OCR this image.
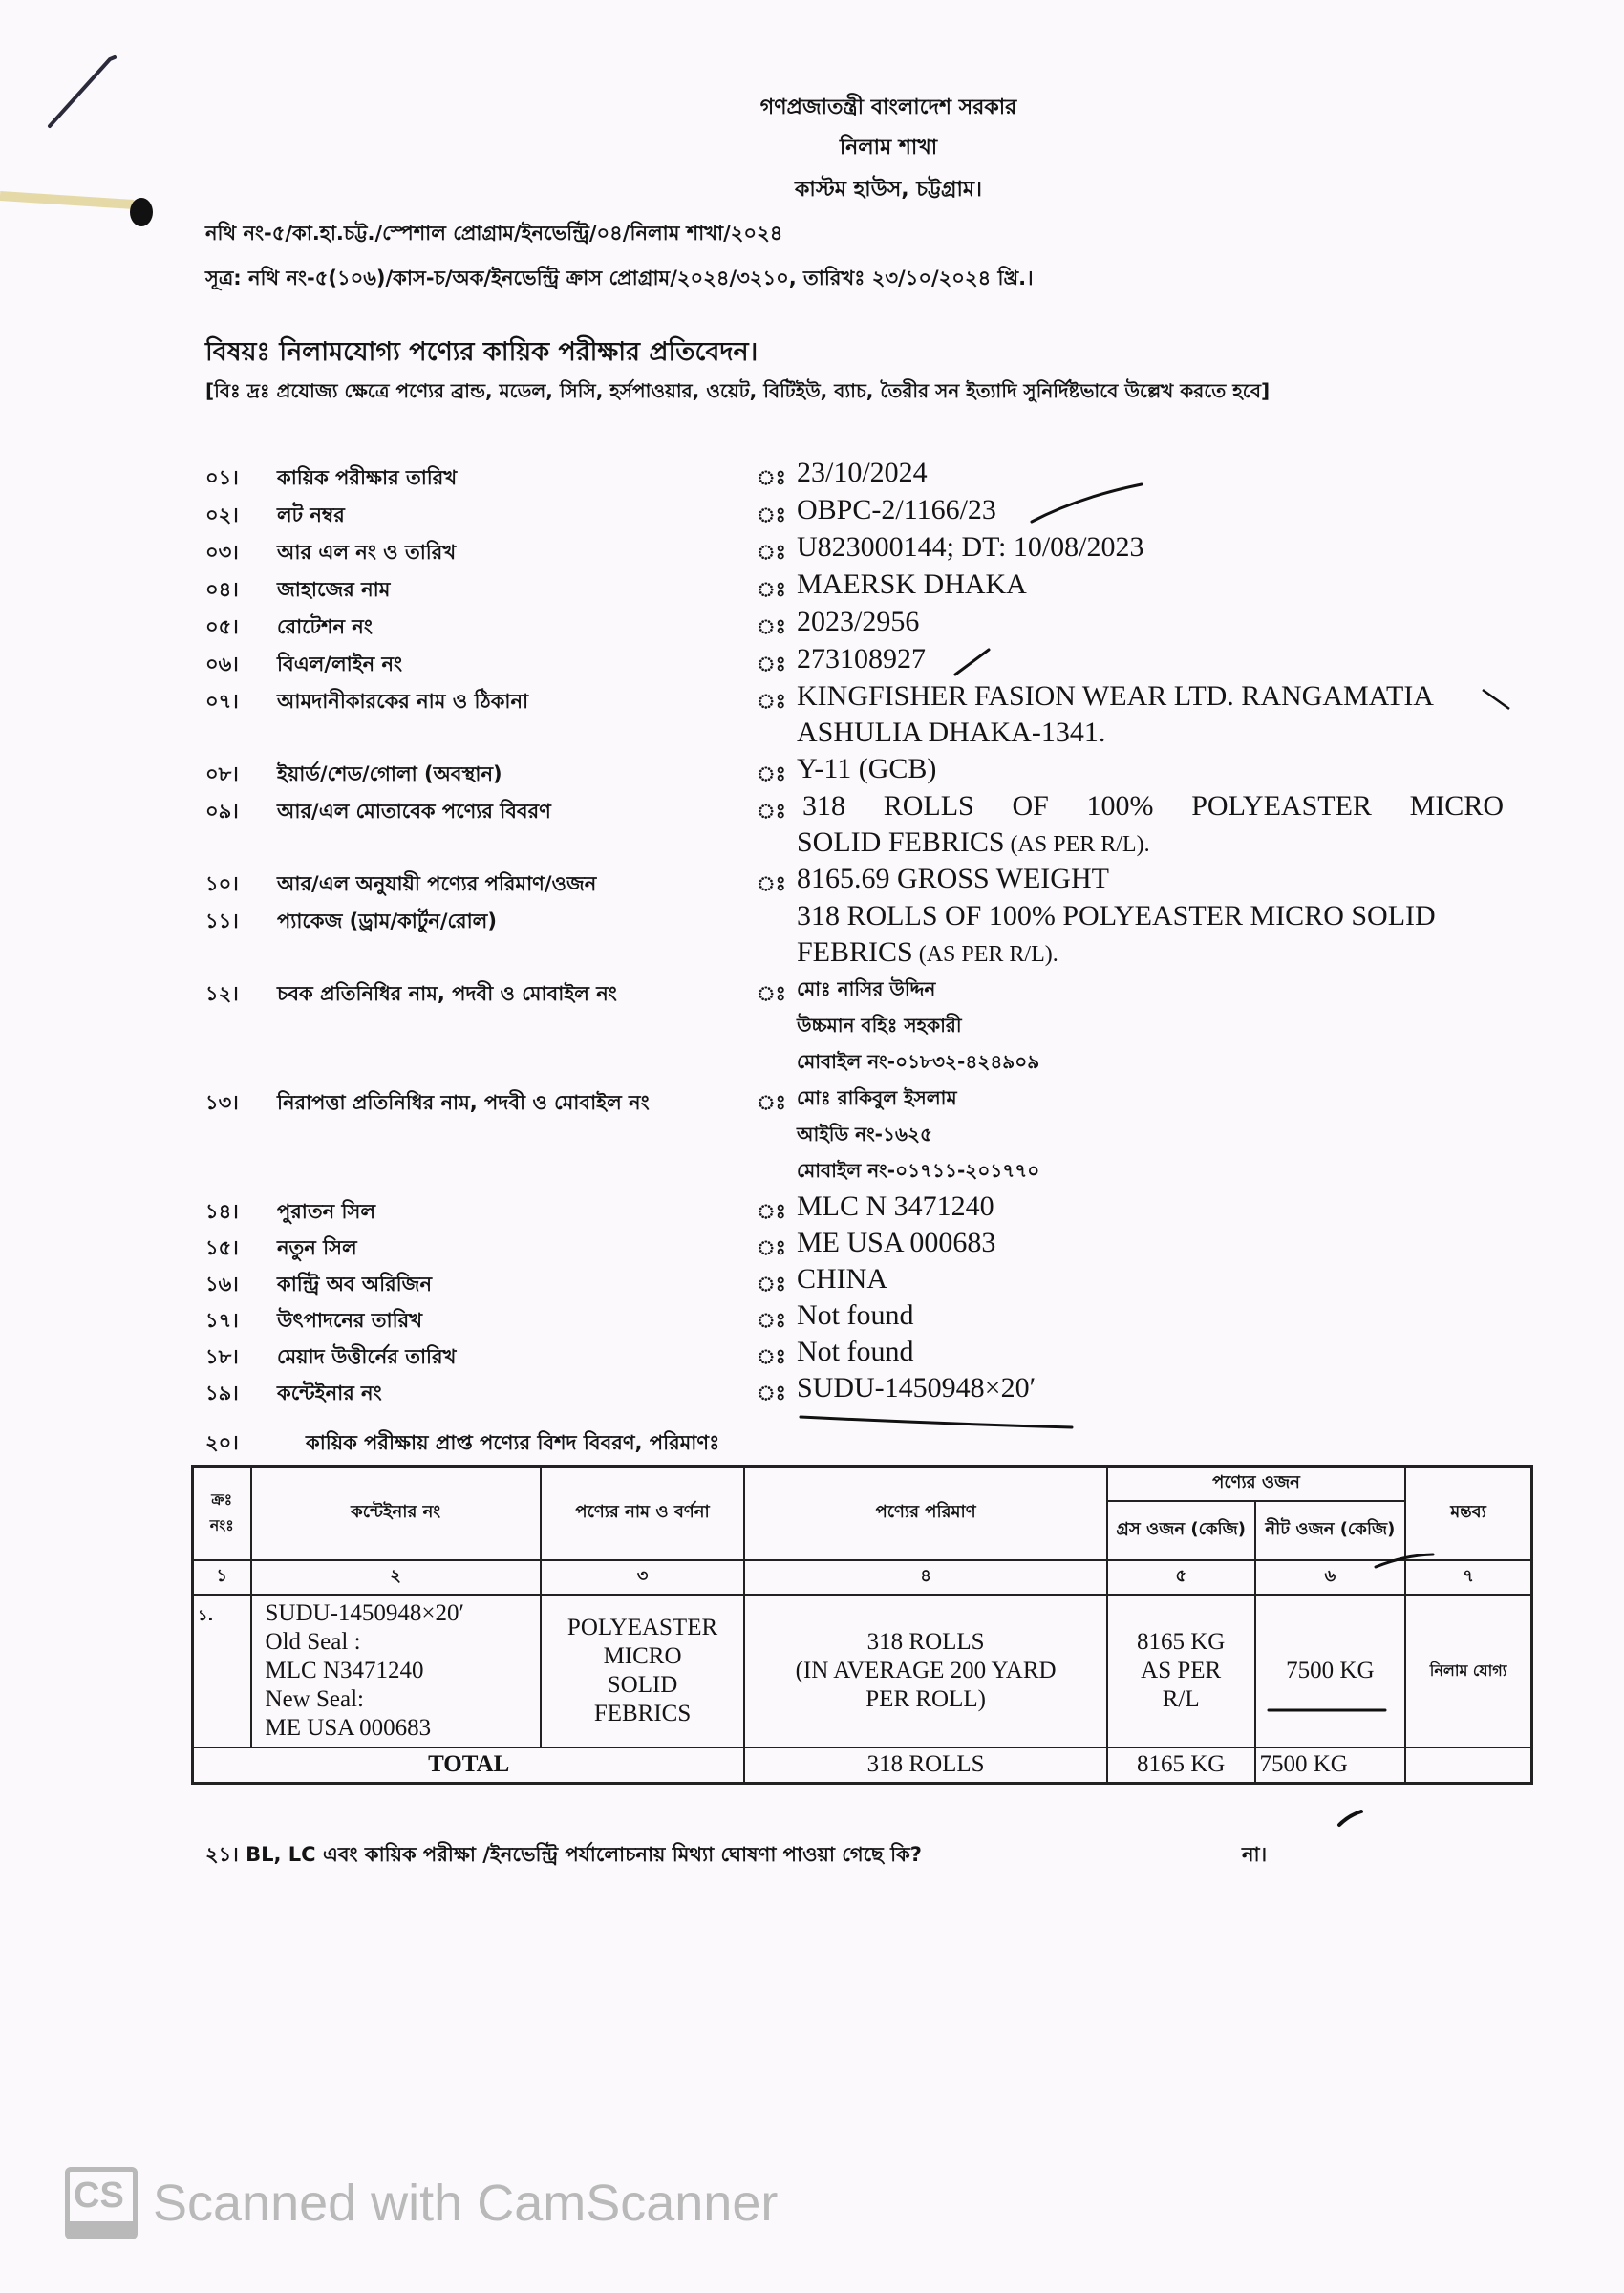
গণপ্রজাতন্ত্রী বাংলাদেশ সরকার
নিলাম শাখা
কাস্টম হাউস, চট্টগ্রাম।
নথি নং-৫/কা.হা.চট্ট./স্পেশাল প্রোগ্রাম/ইনভেন্ট্রি/০৪/নিলাম শাখা/২০২৪
সূত্র: নথি নং-৫(১০৬)/কাস-চ/অক/ইনভেন্ট্রি ক্রাস প্রোগ্রাম/২০২৪/৩২১০, তারিখঃ ২৩/১০/২০২৪ খ্রি.।
বিষয়ঃ নিলামযোগ্য পণ্যের কায়িক পরীক্ষার প্রতিবেদন।
[বিঃ দ্রঃ প্রযোজ্য ক্ষেত্রে পণ্যের ব্রান্ড, মডেল, সিসি, হর্সপাওয়ার, ওয়েট, বিটিইউ, ব্যাচ, তৈরীর সন ইত্যাদি সুনির্দিষ্টভাবে উল্লেখ করতে হবে]
০১। কায়িক পরীক্ষার তারিখ	ঃ 23/10/2024
০২। লট নম্বর	ঃ OBPC-2/1166/23
০৩। আর এল নং ও তারিখ	ঃ U823000144; DT: 10/08/2023
০৪। জাহাজের নাম	ঃ MAERSK DHAKA
০৫। রোটেশন নং	ঃ 2023/2956
০৬। বিএল/লাইন নং	ঃ 273108927
০৭। আমদানীকারকের নাম ও ঠিকানা	ঃ KINGFISHER FASION WEAR LTD. RANGAMATIA
ASHULIA DHAKA-1341.
০৮। ইয়ার্ড/শেড/গোলা (অবস্থান)	ঃ Y-11 (GCB)
০৯। আর/এল মোতাবেক পণ্যের বিবরণ	ঃ 318 ROLLS OF 100% POLYEASTER MICRO
SOLID FEBRICS (AS PER R/L).
১০। আর/এল অনুযায়ী পণ্যের পরিমাণ/ওজন	ঃ 8165.69 GROSS WEIGHT
১১। প্যাকেজ (ড্রাম/কার্টুন/রোল)	318 ROLLS OF 100% POLYEASTER MICRO SOLID
FEBRICS (AS PER R/L).
১২। চবক প্রতিনিধির নাম, পদবী ও মোবাইল নং	ঃ মোঃ নাসির উদ্দিন
উচ্চমান বহিঃ সহকারী
মোবাইল নং-০১৮৩২-৪২৪৯০৯
১৩। নিরাপত্তা প্রতিনিধির নাম, পদবী ও মোবাইল নং	ঃ মোঃ রাকিবুল ইসলাম
আইডি নং-১৬২৫
মোবাইল নং-০১৭১১-২০১৭৭০
১৪। পুরাতন সিল	ঃ MLC N 3471240
১৫। নতুন সিল	ঃ ME USA 000683
১৬। কান্ট্রি অব অরিজিন	ঃ CHINA
১৭। উৎপাদনের তারিখ	ঃ Not found
১৮। মেয়াদ উত্তীর্নের তারিখ	ঃ Not found
১৯। কন্টেইনার নং	ঃ SUDU-1450948×20′
২০।	কায়িক পরীক্ষায় প্রাপ্ত পণ্যের বিশদ বিবরণ, পরিমাণঃ
ক্রঃ নংঃ	কন্টেইনার নং	পণ্যের নাম ও বর্ণনা	পণ্যের পরিমাণ	পণ্যের ওজন		মন্তব্য
				গ্রস ওজন (কেজি)	নীট ওজন (কেজি)	
১	২	৩	৪	৫	৬	৭
১.	SUDU-1450948×20′
Old Seal :
MLC N3471240
New Seal:
ME USA 000683	POLYEASTER
MICRO
SOLID
FEBRICS	318 ROLLS
(IN AVERAGE 200 YARD
PER ROLL)	8165 KG
AS PER
R/L	7500 KG	নিলাম যোগ্য
TOTAL			318 ROLLS	8165 KG	7500 KG	
২১। BL, LC এবং কায়িক পরীক্ষা /ইনভেন্ট্রি পর্যালোচনায় মিথ্যা ঘোষণা পাওয়া গেছে কি?	না।
CS Scanned with CamScanner
